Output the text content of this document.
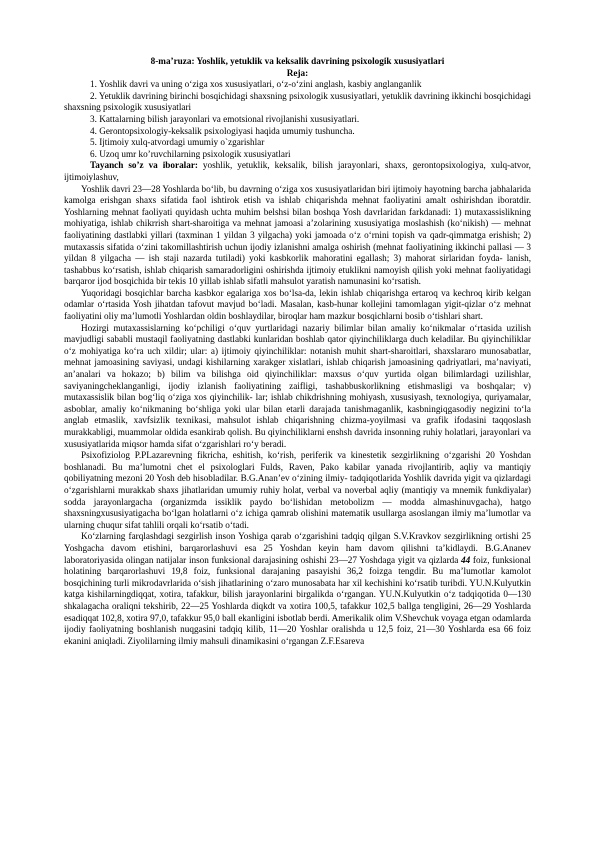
8-ma’ruza: Yoshlik, yetuklik va keksalik davrining psixologik xususiyatlari

Reja:

1. Yoshlik davri va uning o‘ziga xos xususiyatlari, o‘z-o‘zini anglash, kasbiy anglanganlik

2. Yetuklik davrining birinchi bosqichidagi shaxsning psixologik xususiyatlari, yetuklik davrining ikkinchi bosqichidagi shaxsning psixologik xususiyatlari

3. Kattalarning bilish jarayonlari va emotsional rivojlanishi xususiyatlari.

4. Gerontopsixologiy-keksalik psixologiyasi haqida umumiy tushuncha.

5. Ijtimoiy xulq-atvordagi umumiy o`zgarishlar

6. Uzoq umr ko’ruvchilarning psixologik xususiyatlari

Tayanch so’z va iboralar: yoshlik, yetuklik, keksalik, bilish jarayonlari, shaxs, gerontopsixologiya, xulq-atvor, ijtimoiylashuv,

Yoshlik davri 23—28 Yoshlarda bo‘lib, bu davrning o‘ziga xos xususiyatlaridan biri ijtimoiy hayotning barcha jabhalarida kamolga erishgan shaxs sifatida faol ishtirok etish va ishlab chiqarishda mehnat faoliyatini amalt oshirishdan iboratdir. Yoshlarning mehnat faoliyati quyidash uchta muhim belshsi bilan boshqa Yosh davrlaridan farkdanadi: 1) mutaxassislikning mohiyatiga, ishlab chikrrish shart-sharoitiga va mehnat jamoasi a’zolarining xususiyatiga moslashish (ko‘nikish) — mehnat faoliyatining dastlabki yillari (taxminan 1 yildan 3 yilgacha) yoki jamoada o‘z o‘rnini topish va qadr-qimmatga erishish; 2) mutaxassis sifatida o‘zini takomillashtirish uchun ijodiy izlanishni amalga oshirish (mehnat faoliyatining ikkinchi pallasi — 3 yildan 8 yilgacha — ish staji nazarda tutiladi) yoki kasbkorlik mahoratini egallash; 3) mahorat sirlaridan foyda- lanish, tashabbus ko‘rsatish, ishlab chiqarish samaradorligini oshirishda ijtimoiy etuklikni namoyish qilish yoki mehnat faoliyatidagi barqaror ijod bosqichida bir tekis 10 yillab ishlab sifatli mahsulot yaratish namunasini ko‘rsatish.

Yuqoridagi bosqichlar barcha kasbkor egalariga xos bo‘lsa-da, lekin ishlab chiqarishga ertaroq va kechroq kirib kelgan odamlar o‘rtasida Yosh jihatdan tafovut mavjud bo‘ladi. Masalan, kasb-hunar kollejini tamomlagan yigit-qizlar o‘z mehnat faoliyatini oliy ma’lumotli Yoshlardan oldin boshlaydilar, biroqlar ham mazkur bosqichlarni bosib o‘tishlari shart.

Hozirgi mutaxassislarning ko‘pchiligi o‘quv yurtlaridagi nazariy bilimlar bilan amaliy ko‘nikmalar o‘rtasida uzilish mavjudligi sababli mustaqil faoliyatning dastlabki kunlaridan boshlab qator qiyinchiliklarga duch keladilar. Bu qiyinchiliklar o‘z mohiyatiga ko‘ra uch xildir; ular: a) ijtimoiy qiyinchiliklar: notanish muhit shart-sharoitlari, shaxslararo munosabatlar, mehnat jamoasining saviyasi, undagi kishilarning xarakger xislatlari, ishlab chiqarish jamoasining qadriyatlari, ma’naviyati, an’analari va hokazo; b) bilim va bilishga oid qiyinchiliklar: maxsus o‘quv yurtida olgan bilimlardagi uzilishlar, saviyaningcheklanganligi, ijodiy izlanish faoliyatining zaifligi, tashabbuskorlikning etishmasligi va boshqalar; v) mutaxassislik bilan bog‘liq o‘ziga xos qiyinchilik- lar; ishlab chikdrishning mohiyash, xususiyash, texnologiya, quriyamalar, asboblar, amaliy ko‘nikmaning bo‘shliga yoki ular bilan etarli darajada tanishmaganlik, kasbningiqgasodiy negizini to‘la anglab etmaslik, xavfsizlik texnikasi, mahsulot ishlab chiqarishning chizma-yoyilmasi va grafik ifodasini taqqoslash murakkabligi, muammolar oldida esankirab qolish. Bu qiyinchiliklarni enshsh davrida insonning ruhiy holatlari, jarayonlari va xususiyatlarida miqsor hamda sifat o‘zgarishlari ro‘y beradi.

Psixofiziolog P.PLazarevning fikricha, eshitish, ko‘rish, periferik va kinestetik sezgirlikning o‘zgarishi 20 Yoshdan boshlanadi. Bu ma’lumotni chet el psixologlari Fulds, Raven, Pako kabilar yanada rivojlantirib, aqliy va mantiqiy qobiliyatning mezoni 20 Yosh deb hisobladilar. B.G.Anan’ev o‘zining ilmiy- tadqiqotlarida Yoshlik davrida yigit va qizlardagi o‘zgarishlarni murakkab shaxs jihatlaridan umumiy ruhiy holat, verbal va noverbal aqliy (mantiqiy va mnemik funkdiyalar) sodda jarayonlargacha (organizmda issiklik paydo bo‘lishidan metobolizm — modda almashinuvgacha), hatgo shaxsningxususiyatigacha bo‘lgan holatlarni o‘z ichiga qamrab olishini matematik usullarga asoslangan ilmiy ma’lumotlar va ularning chuqur sifat tahlili orqali ko‘rsatib o‘tadi.

Ko‘zlarning farqlashdagi sezgirlish inson Yoshiga qarab o‘zgarishini tadqiq qilgan S.V.Kravkov sezgirlikning ortishi 25 Yoshgacha davom etishini, barqarorlashuvi esa 25 Yoshdan keyin ham davom qilishni ta’kidlaydi. B.G.Ananev laboratoriyasida olingan natijalar inson funksional darajasining oshishi 23—27 Yoshdaga yigit va qizlarda 44 foiz, funksional holatining barqarorlashuvi 19,8 foiz, funksional darajaning pasayishi 36,2 foizga tengdir. Bu ma’lumotlar kamolot bosqichining turli mikrodavrlarida o‘sish jihatlarining o‘zaro munosabata har xil kechishini ko‘rsatib turibdi. YU.N.Kulyutkin katga kishilarningdiqqat, xotira, tafakkur, bilish jarayonlarini birgalikda o‘rgangan. YU.N.Kulyutkin o‘z tadqiqotida 0—130 shkalagacha oraliqni tekshirib, 22—25 Yoshlarda diqkdt va xotira 100,5, tafakkur 102,5 ballga tengligini, 26—29 Yoshlarda esadiqqat 102,8, xotira 97,0, tafakkur 95,0 ball ekanligini isbotlab berdi. Amerikalik olim V.Shevchuk voyaga etgan odamlarda ijodiy faoliyatning boshlanish nuqgasini tadqiq kilib, 11—20 Yoshlar oralishda u 12,5 foiz, 21—30 Yoshlarda esa 66 foiz ekanini aniqladi. Ziyolilarning ilmiy mahsuli dinamikasini o‘rgangan Z.F.Esareva
